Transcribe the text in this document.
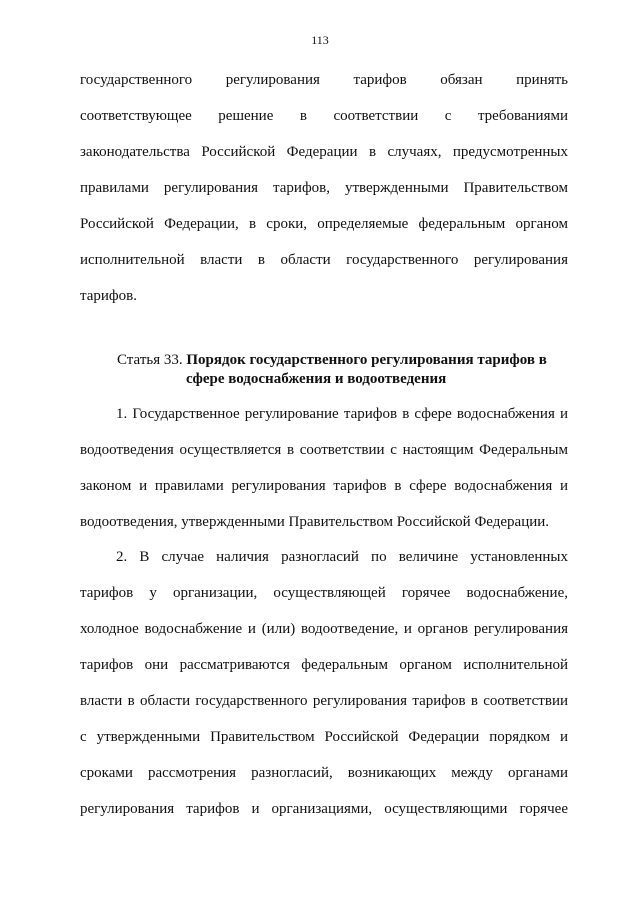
113
государственного регулирования тарифов обязан принять
соответствующее решение в соответствии с требованиями
законодательства Российской Федерации в случаях, предусмотренных
правилами регулирования тарифов, утвержденными Правительством
Российской Федерации, в сроки, определяемые федеральным органом
исполнительной власти в области государственного регулирования
тарифов.
Статья 33. Порядок государственного регулирования тарифов в
сфере водоснабжения и водоотведения
1. Государственное регулирование тарифов в сфере водоснабжения и
водоотведения осуществляется в соответствии с настоящим Федеральным
законом и правилами регулирования тарифов в сфере водоснабжения и
водоотведения, утвержденными Правительством Российской Федерации.
2. В случае наличия разногласий по величине установленных
тарифов у организации, осуществляющей горячее водоснабжение,
холодное водоснабжение и (или) водоотведение, и органов регулирования
тарифов они рассматриваются федеральным органом исполнительной
власти в области государственного регулирования тарифов в соответствии
с утвержденными Правительством Российской Федерации порядком и
сроками рассмотрения разногласий, возникающих между органами
регулирования тарифов и организациями, осуществляющими горячее
